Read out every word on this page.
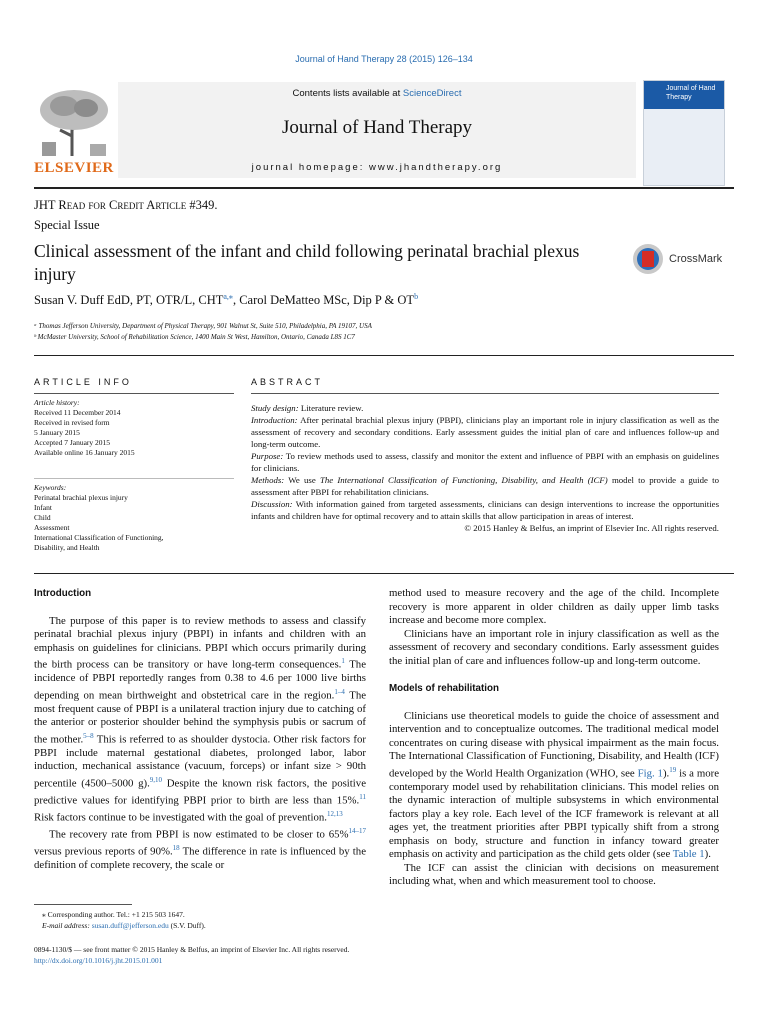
Journal of Hand Therapy 28 (2015) 126–134
ELSEVIER
Contents lists available at ScienceDirect
Journal of Hand Therapy
journal homepage: www.jhandtherapy.org
Journal of Hand Therapy
JHT Read for Credit Article #349.
Special Issue
Clinical assessment of the infant and child following perinatal brachial plexus injury
CrossMark
Susan V. Duff EdD, PT, OTR/L, $CHT^{a,⁎}$, Carol DeMatteo MSc, Dip P & $OT^b$
ᵃ Thomas Jefferson University, Department of Physical Therapy, 901 Walnut St, Suite 510, Philadelphia, PA 19107, USA
ᵇ McMaster University, School of Rehabilitation Science, 1400 Main St West, Hamilton, Ontario, Canada L8S 1C7
ARTICLE INFO
Article history:
Received 11 December 2014
Received in revised form
5 January 2015
Accepted 7 January 2015
Available online 16 January 2015
Keywords:
Perinatal brachial plexus injury
Infant
Child
Assessment
International Classification of Functioning,
Disability, and Health
ABSTRACT

Study design: Literature review.

Introduction: After perinatal brachial plexus injury (PBPI), clinicians play an important role in injury classification as well as the assessment of recovery and secondary conditions. Early assessment guides the initial plan of care and influences follow-up and long-term outcome.

Purpose: To review methods used to assess, classify and monitor the extent and influence of PBPI with an emphasis on guidelines for clinicians.

Methods: We use The International Classification of Functioning, Disability, and Health (ICF) model to provide a guide to assessment after PBPI for rehabilitation clinicians.

Discussion: With information gained from targeted assessments, clinicians can design interventions to increase the opportunities infants and children have for optimal recovery and to attain skills that allow participation in areas of interest.

© 2015 Hanley & Belfus, an imprint of Elsevier Inc. All rights reserved.

Introduction

The purpose of this paper is to review methods to assess and classify perinatal brachial plexus injury (PBPI) in infants and children with an emphasis on guidelines for clinicians. PBPI which occurs primarily during the birth process can be transitory or have long-term consequences.$^1$ The incidence of PBPI reportedly ranges from 0.38 to 4.6 per 1000 live births depending on mean birthweight and obstetrical care in the region.$^{1-4}$ The most frequent cause of PBPI is a unilateral traction injury due to catching of the anterior or posterior shoulder behind the symphysis pubis or sacrum of the mother.$^{5-8}$ This is referred to as shoulder dystocia. Other risk factors for PBPI include maternal gestational diabetes, prolonged labor, labor induction, mechanical assistance (vacuum, forceps) or infant size > 90th percentile (4500–5000 g).$^{9,10}$ Despite the known risk factors, the positive predictive values for identifying PBPI prior to birth are less than 15%.$^{11}$ Risk factors continue to be investigated with the goal of prevention.$^{12,13}$

The recovery rate from PBPI is now estimated to be closer to 65%$^{14-17}$ versus previous reports of 90%.$^{18}$ The difference in rate is influenced by the definition of complete recovery, the scale or

method used to measure recovery and the age of the child. Incomplete recovery is more apparent in older children as daily upper limb tasks increase and become more complex.

Clinicians have an important role in injury classification as well as the assessment of recovery and secondary conditions. Early assessment guides the initial plan of care and influences follow-up and long-term outcome.

Models of rehabilitation

Clinicians use theoretical models to guide the choice of assessment and intervention and to conceptualize outcomes. The traditional medical model concentrates on curing disease with physical impairment as the main focus. The International Classification of Functioning, Disability, and Health (ICF) developed by the World Health Organization (WHO, see Fig. 1).$^{19}$ is a more contemporary model used by rehabilitation clinicians. This model relies on the dynamic interaction of multiple subsystems in which environmental factors play a key role. Each level of the ICF framework is relevant at all ages yet, the treatment priorities after PBPI typically shift from a strong emphasis on body, structure and function in infancy toward greater emphasis on activity and participation as the child gets older (see Table 1).

The ICF can assist the clinician with decisions on measurement including what, when and which measurement tool to choose.

⁎ Corresponding author. Tel.: +1 215 503 1647.
E-mail address: susan.duff@jefferson.edu (S.V. Duff).
0894-1130/$ — see front matter © 2015 Hanley & Belfus, an imprint of Elsevier Inc. All rights reserved.
http://dx.doi.org/10.1016/j.jht.2015.01.001
